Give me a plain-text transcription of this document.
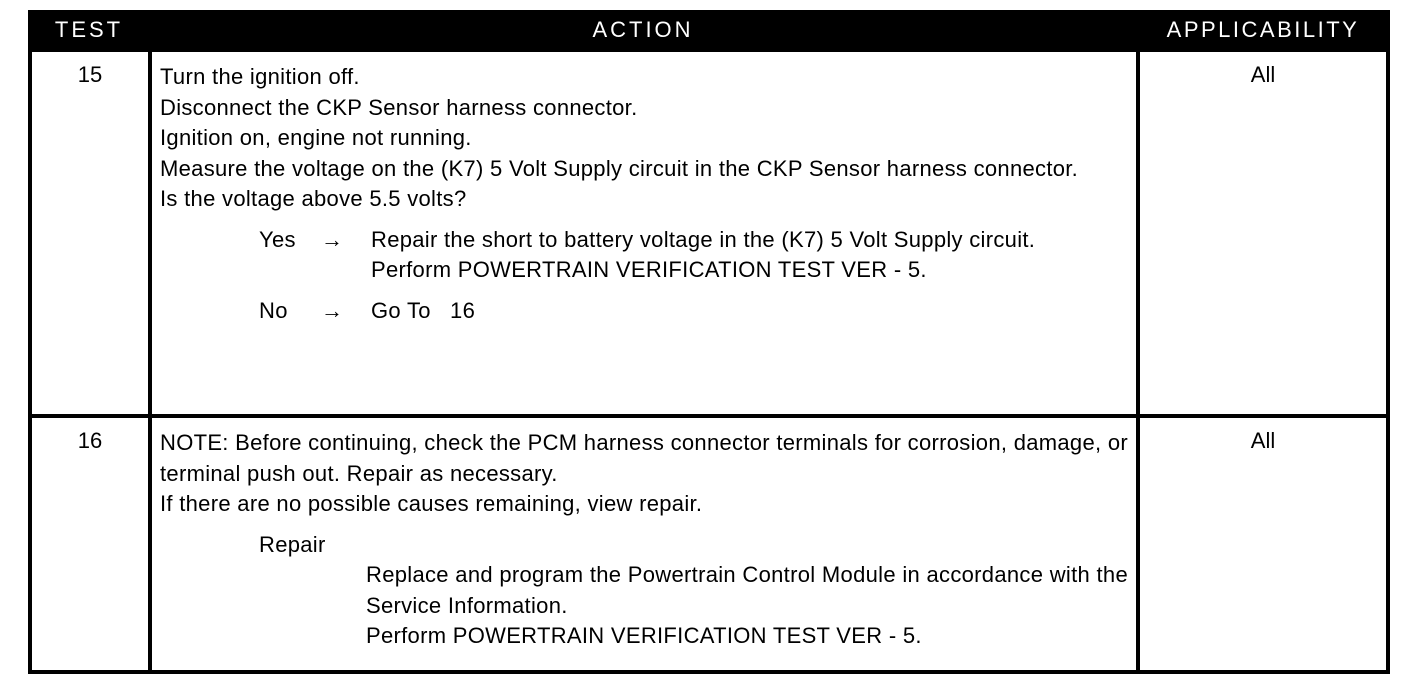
TEST	ACTION	APPLICABILITY
15	Turn the ignition off.
Disconnect the CKP Sensor harness connector.
Ignition on, engine not running.
Measure the voltage on the (K7) 5 Volt Supply circuit in the CKP Sensor harness connector.
Is the voltage above 5.5 volts?
Yes	→	Repair the short to battery voltage in the (K7) 5 Volt Supply circuit.
Perform POWERTRAIN VERIFICATION TEST VER - 5.
No	→	Go To   16
All
16	NOTE: Before continuing, check the PCM harness connector terminals for corrosion, damage, or terminal push out. Repair as necessary.
If there are no possible causes remaining, view repair.
Repair
Replace and program the Powertrain Control Module in accordance with the Service Information.
Perform POWERTRAIN VERIFICATION TEST VER - 5.
All
